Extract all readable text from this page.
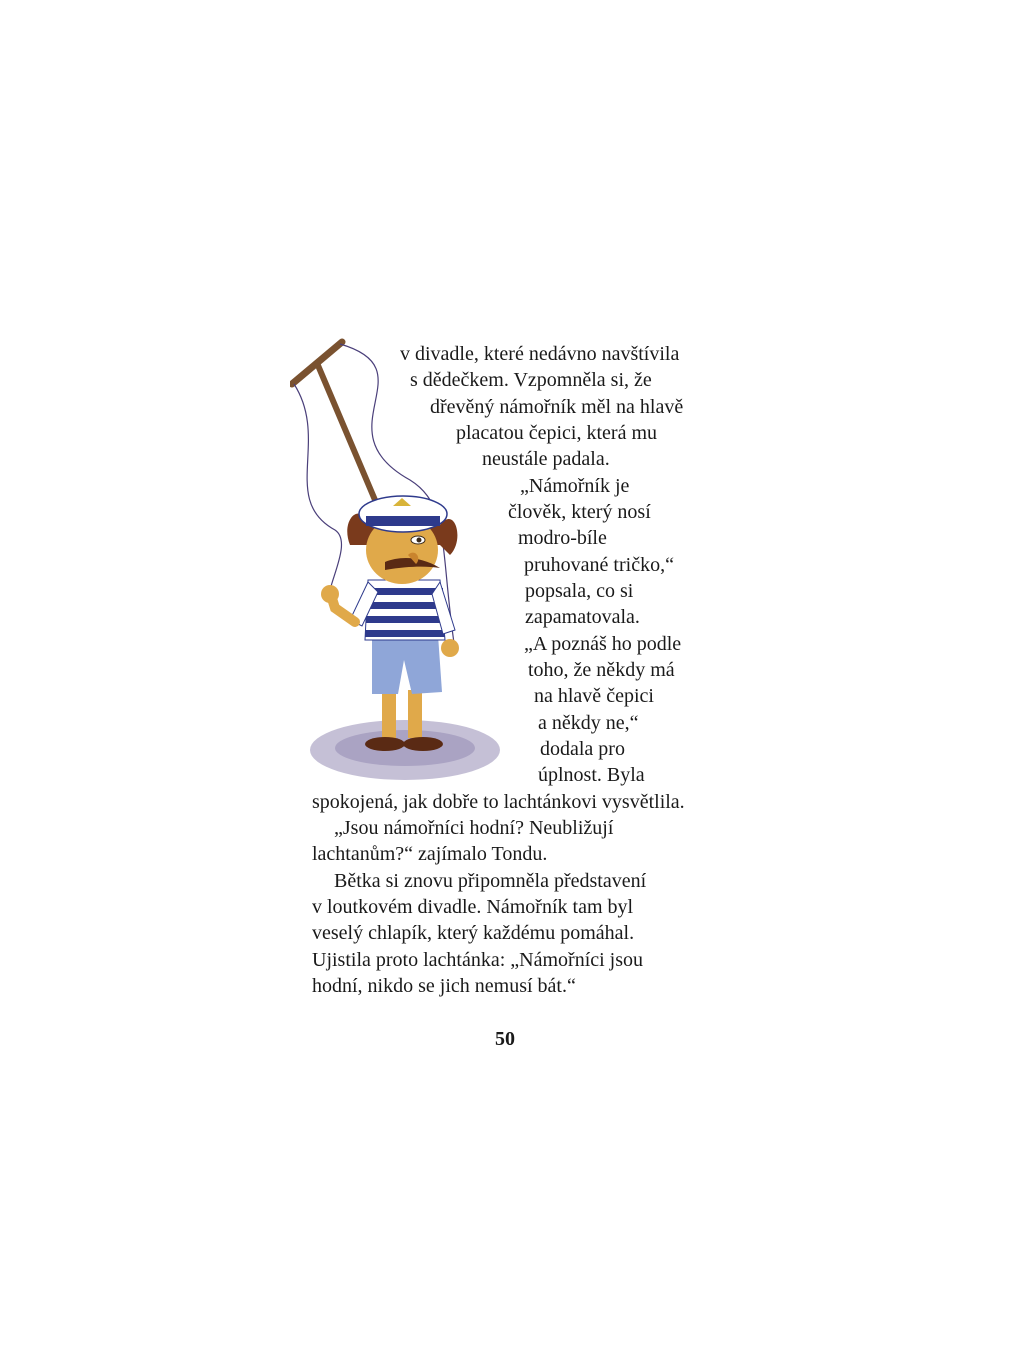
v divadle, které nedávno navštívila
s dědečkem. Vzpomněla si, že
dřevěný námořník měl na hlavě
placatou čepici, která mu
neustále padala.
„Námořník je
člověk, který nosí
modro-bíle
pruhované tričko,“
popsala, co si
zapamatovala.
„A poznáš ho podle
toho, že někdy má
na hlavě čepici
a někdy ne,“
dodala pro
úplnost. Byla
spokojená, jak dobře to lachtánkovi vysvětlila.
„Jsou námořníci hodní? Neubližují
lachtanům?“ zajímalo Tondu.
Bětka si znovu připomněla představení
v loutkovém divadle. Námořník tam byl
veselý chlapík, který každému pomáhal.
Ujistila proto lachtánka: „Námořníci jsou
hodní, nikdo se jich nemusí bát.“
50
